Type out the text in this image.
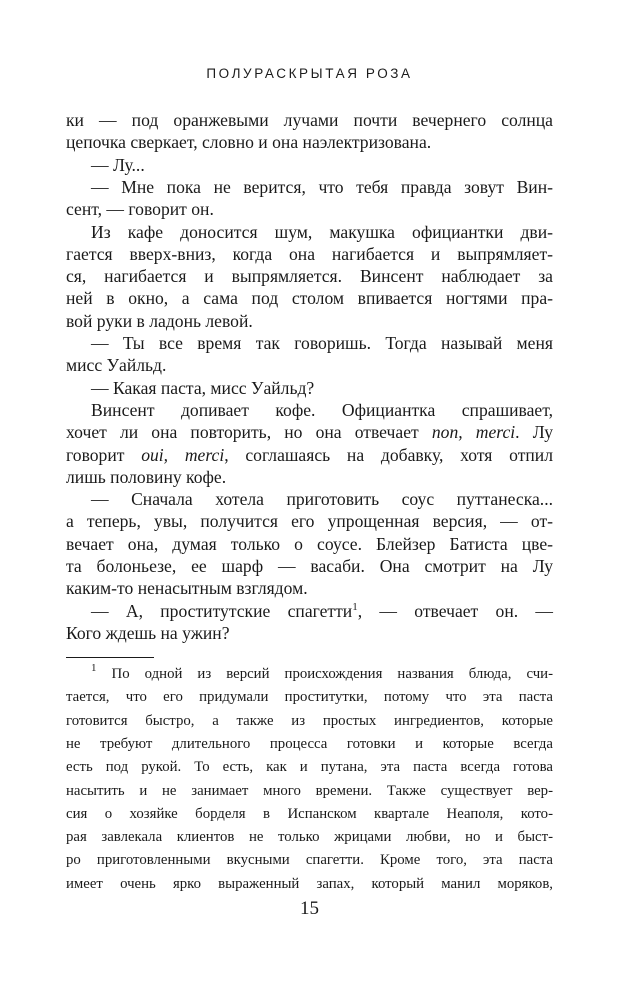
ПОЛУРАСКРЫТАЯ РОЗА
ки — под оранжевыми лучами почти вечернего солнца
цепочка сверкает, словно и она наэлектризована.
— Лу...
— Мне пока не верится, что тебя правда зовут Вин-
сент, — говорит он.
Из кафе доносится шум, макушка официантки дви-
гается вверх-вниз, когда она нагибается и выпрямляет-
ся, нагибается и выпрямляется. Винсент наблюдает за
ней в окно, а сама под столом впивается ногтями пра-
вой руки в ладонь левой.
— Ты все время так говоришь. Тогда называй меня
мисс Уайльд.
— Какая паста, мисс Уайльд?
Винсент допивает кофе. Официантка спрашивает,
хочет ли она повторить, но она отвечает non, merci. Лу
говорит oui, merci, соглашаясь на добавку, хотя отпил
лишь половину кофе.
— Сначала хотела приготовить соус путтанеска...
а теперь, увы, получится его упрощенная версия, — от-
вечает она, думая только о соусе. Блейзер Батиста цве-
та болоньезе, ее шарф — васаби. Она смотрит на Лу
каким-то ненасытным взглядом.
— А, проститутские спагетти$^1$, — отвечает он. —
Кого ждешь на ужин?
$^1$ По одной из версий происхождения названия блюда, счи-
тается, что его придумали проститутки, потому что эта паста
готовится быстро, а также из простых ингредиентов, которые
не требуют длительного процесса готовки и которые всегда
есть под рукой. То есть, как и путана, эта паста всегда готова
насытить и не занимает много времени. Также существует вер-
сия о хозяйке борделя в Испанском квартале Неаполя, кото-
рая завлекала клиентов не только жрицами любви, но и быст-
ро приготовленными вкусными спагетти. Кроме того, эта паста
имеет очень ярко выраженный запах, который манил моряков,
15
